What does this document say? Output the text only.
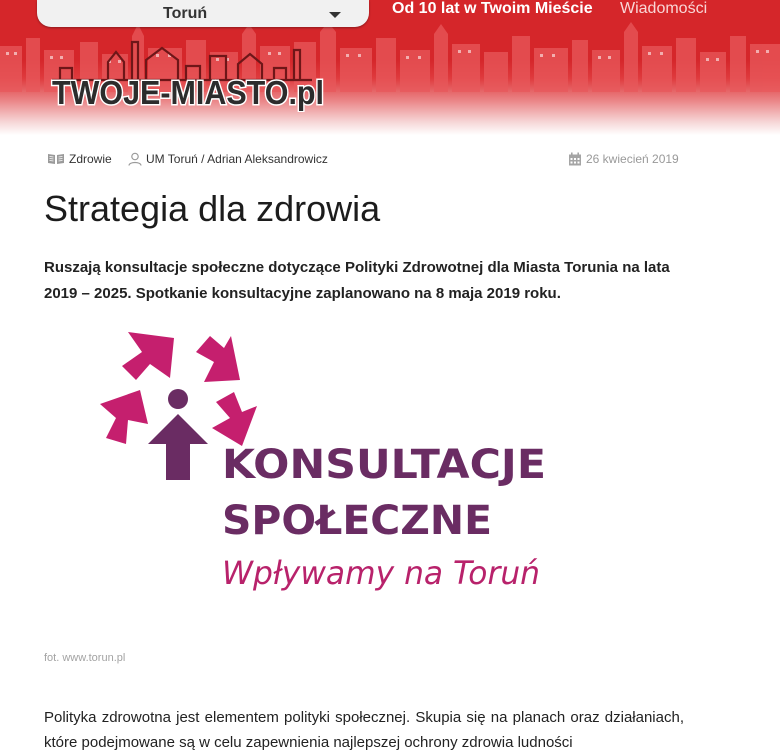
Toruń	Od 10 lat w Twoim Mieście Wiadomości
TWOJE-MIASTO.pl
Zdrowie	UM Toruń / Adrian Aleksandrowicz	26 kwiecień 2019
Strategia dla zdrowia

Ruszają konsultacje społeczne dotyczące Polityki Zdrowotnej dla Miasta Torunia na lata 2019 – 2025. Spotkanie konsultacyjne zaplanowano na 8 maja 2019 roku.

KONSULTACJE
SPOŁECZNE
Wpływamy na Toruń
fot. www.torun.pl

Polityka zdrowotna jest elementem polityki społecznej. Skupia się na planach oraz działaniach, które podejmowane są w celu zapewnienia najlepszej ochrony zdrowia ludności
